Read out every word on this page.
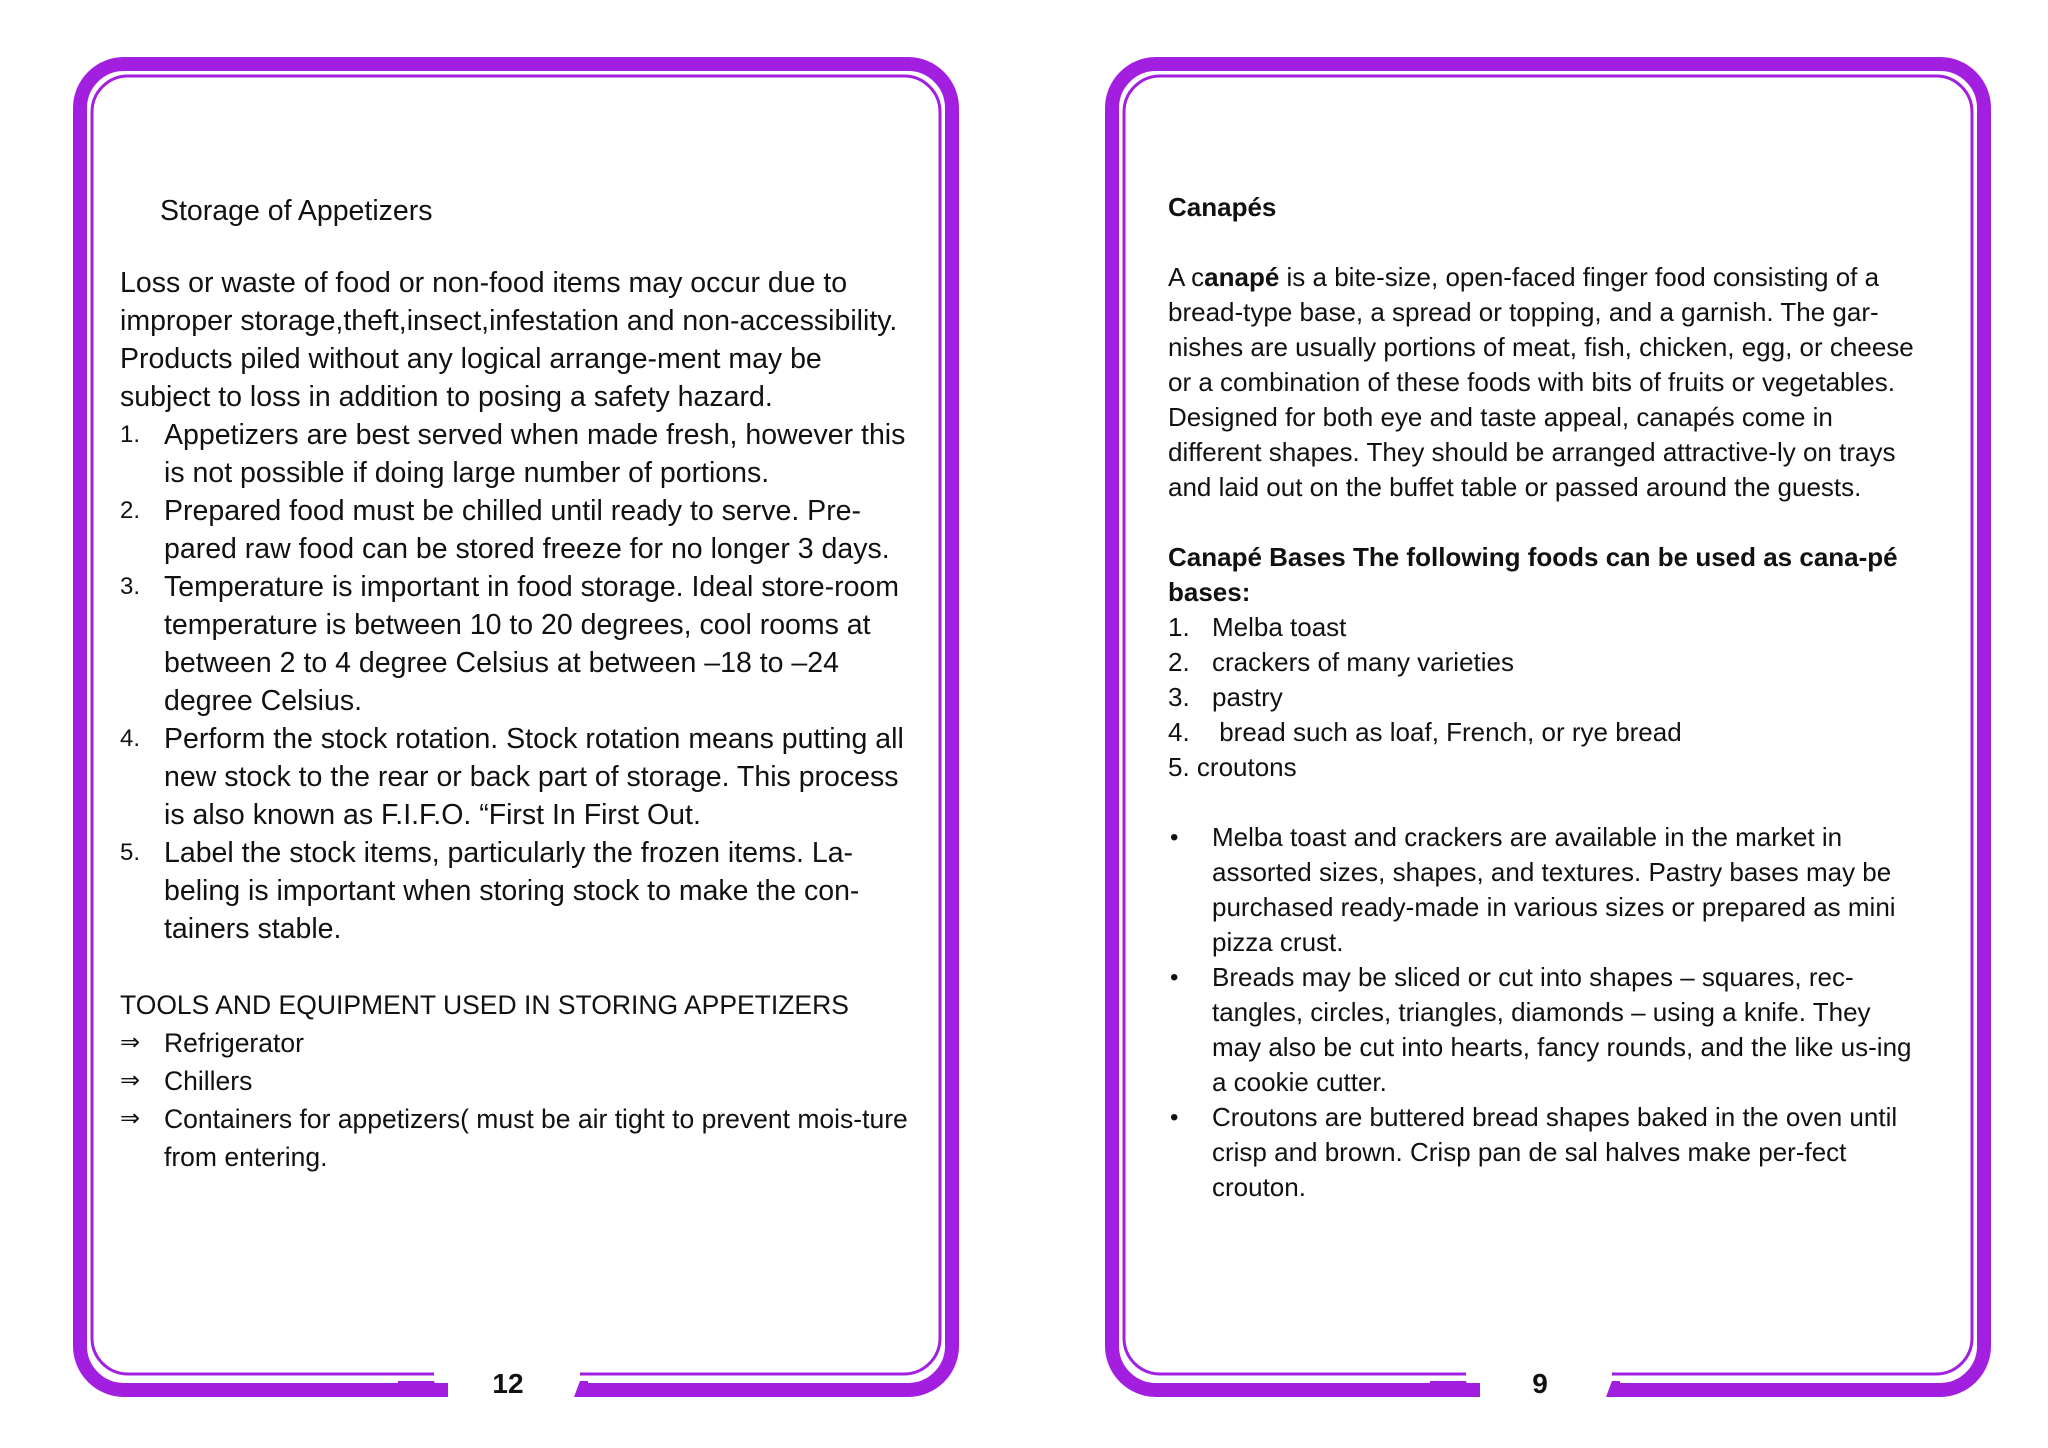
Storage of Appetizers

Loss or waste of food or non-food items may occur due to improper storage,theft,insect,infestation and non-accessibility. Products piled without any logical arrange-ment may be subject to loss in addition to posing a safety hazard.

1. Appetizers are best served when made fresh, however this is not possible if doing large number of portions.
2. Prepared food must be chilled until ready to serve. Pre-pared raw food can be stored freeze for no longer 3 days.
3. Temperature is important in food storage. Ideal store-room temperature is between 10 to 20 degrees, cool rooms at between 2 to 4 degree Celsius at between –18 to –24 degree Celsius.
4. Perform the stock rotation. Stock rotation means putting all new stock to the rear or back part of storage. This process is also known as F.I.F.O. “First In First Out.
5. Label the stock items, particularly the frozen items. La-beling is important when storing stock to make the con-tainers stable.

TOOLS AND EQUIPMENT USED IN STORING APPETIZERS

⇒ Refrigerator
⇒ Chillers
⇒ Containers for appetizers( must be air tight to prevent mois-ture from entering.
12

Canapés

A canapé is a bite-size, open-faced finger food consisting of a bread-type base, a spread or topping, and a garnish. The gar-nishes are usually portions of meat, fish, chicken, egg, or cheese or a combination of these foods with bits of fruits or vegetables. Designed for both eye and taste appeal, canapés come in different shapes. They should be arranged attractive-ly on trays and laid out on the buffet table or passed around the guests.

Canapé Bases The following foods can be used as cana-pé bases:

1. Melba toast
2. crackers of many varieties
3. pastry
4. bread such as loaf, French, or rye bread
5. croutons
•	Melba toast and crackers are available in the market in assorted sizes, shapes, and textures. Pastry bases may be purchased ready-made in various sizes or prepared as mini pizza crust.
•	Breads may be sliced or cut into shapes – squares, rec-tangles, circles, triangles, diamonds – using a knife. They may also be cut into hearts, fancy rounds, and the like us-ing a cookie cutter.
•	Croutons are buttered bread shapes baked in the oven until crisp and brown. Crisp pan de sal halves make per-fect crouton.
9
